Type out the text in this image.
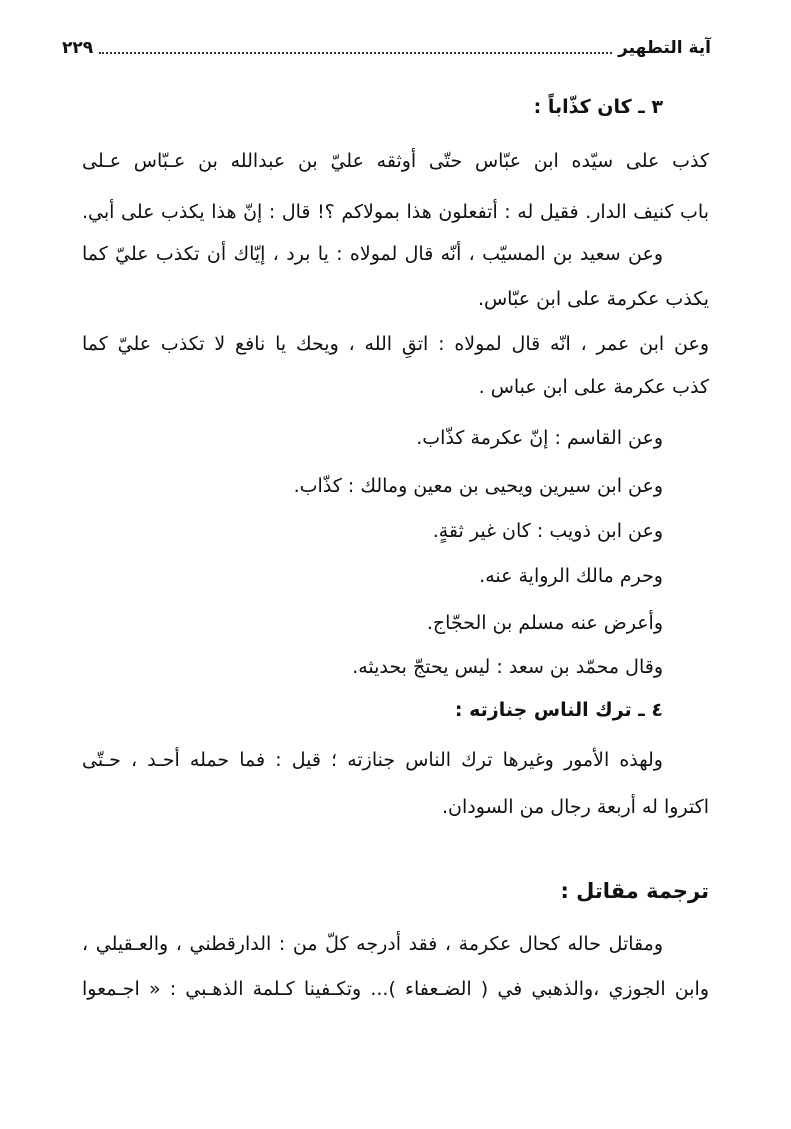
آية التطهير
٢٢٩
٣ ـ كان كذّاباً :
كذب على سيّده ابن عبّاس حتّى أوثقه عليّ بن عبدالله بن عـبّاس عـلى
باب كنيف الدار. فقيل له : أتفعلون هذا بمولاكم ؟! قال : إنّ هذا يكذب على أبي.
وعن سعيد بن المسيّب ، أنّه قال لمولاه : يا برد ، إيّاك أن تكذب عليّ كما
يكذب عكرمة على ابن عبّاس.
وعن ابن عمر ، انّه قال لمولاه : اتقِ الله ، ويحك يا نافع لا تكذب عليّ كما
كذب عكرمة على ابن عباس .
وعن القاسم : إنّ عكرمة كذّاب.
وعن ابن سيرين ويحيى بن معين ومالك : كذّاب.
وعن ابن ذويب : كان غير ثقةٍ.
وحرم مالك الرواية عنه.
وأعرض عنه مسلم بن الحجّاج.
وقال محمّد بن سعد : ليس يحتجّ بحديثه.
٤ ـ ترك الناس جنازته :
ولهذه الأمور وغيرها ترك الناس جنازته ؛ قيل : فما حمله أحـد ، حـتّى
اكتروا له أربعة رجال من السودان.
ترجمة مقاتل :
ومقاتل حاله كحال عكرمة ، فقد أدرجه كلّ من : الدارقطني ، والعـقيلي ،
وابن الجوزي ،والذهبي في ( الضـعفاء )... وتكـفينا كـلمة الذهـبي : « اجـمعوا
